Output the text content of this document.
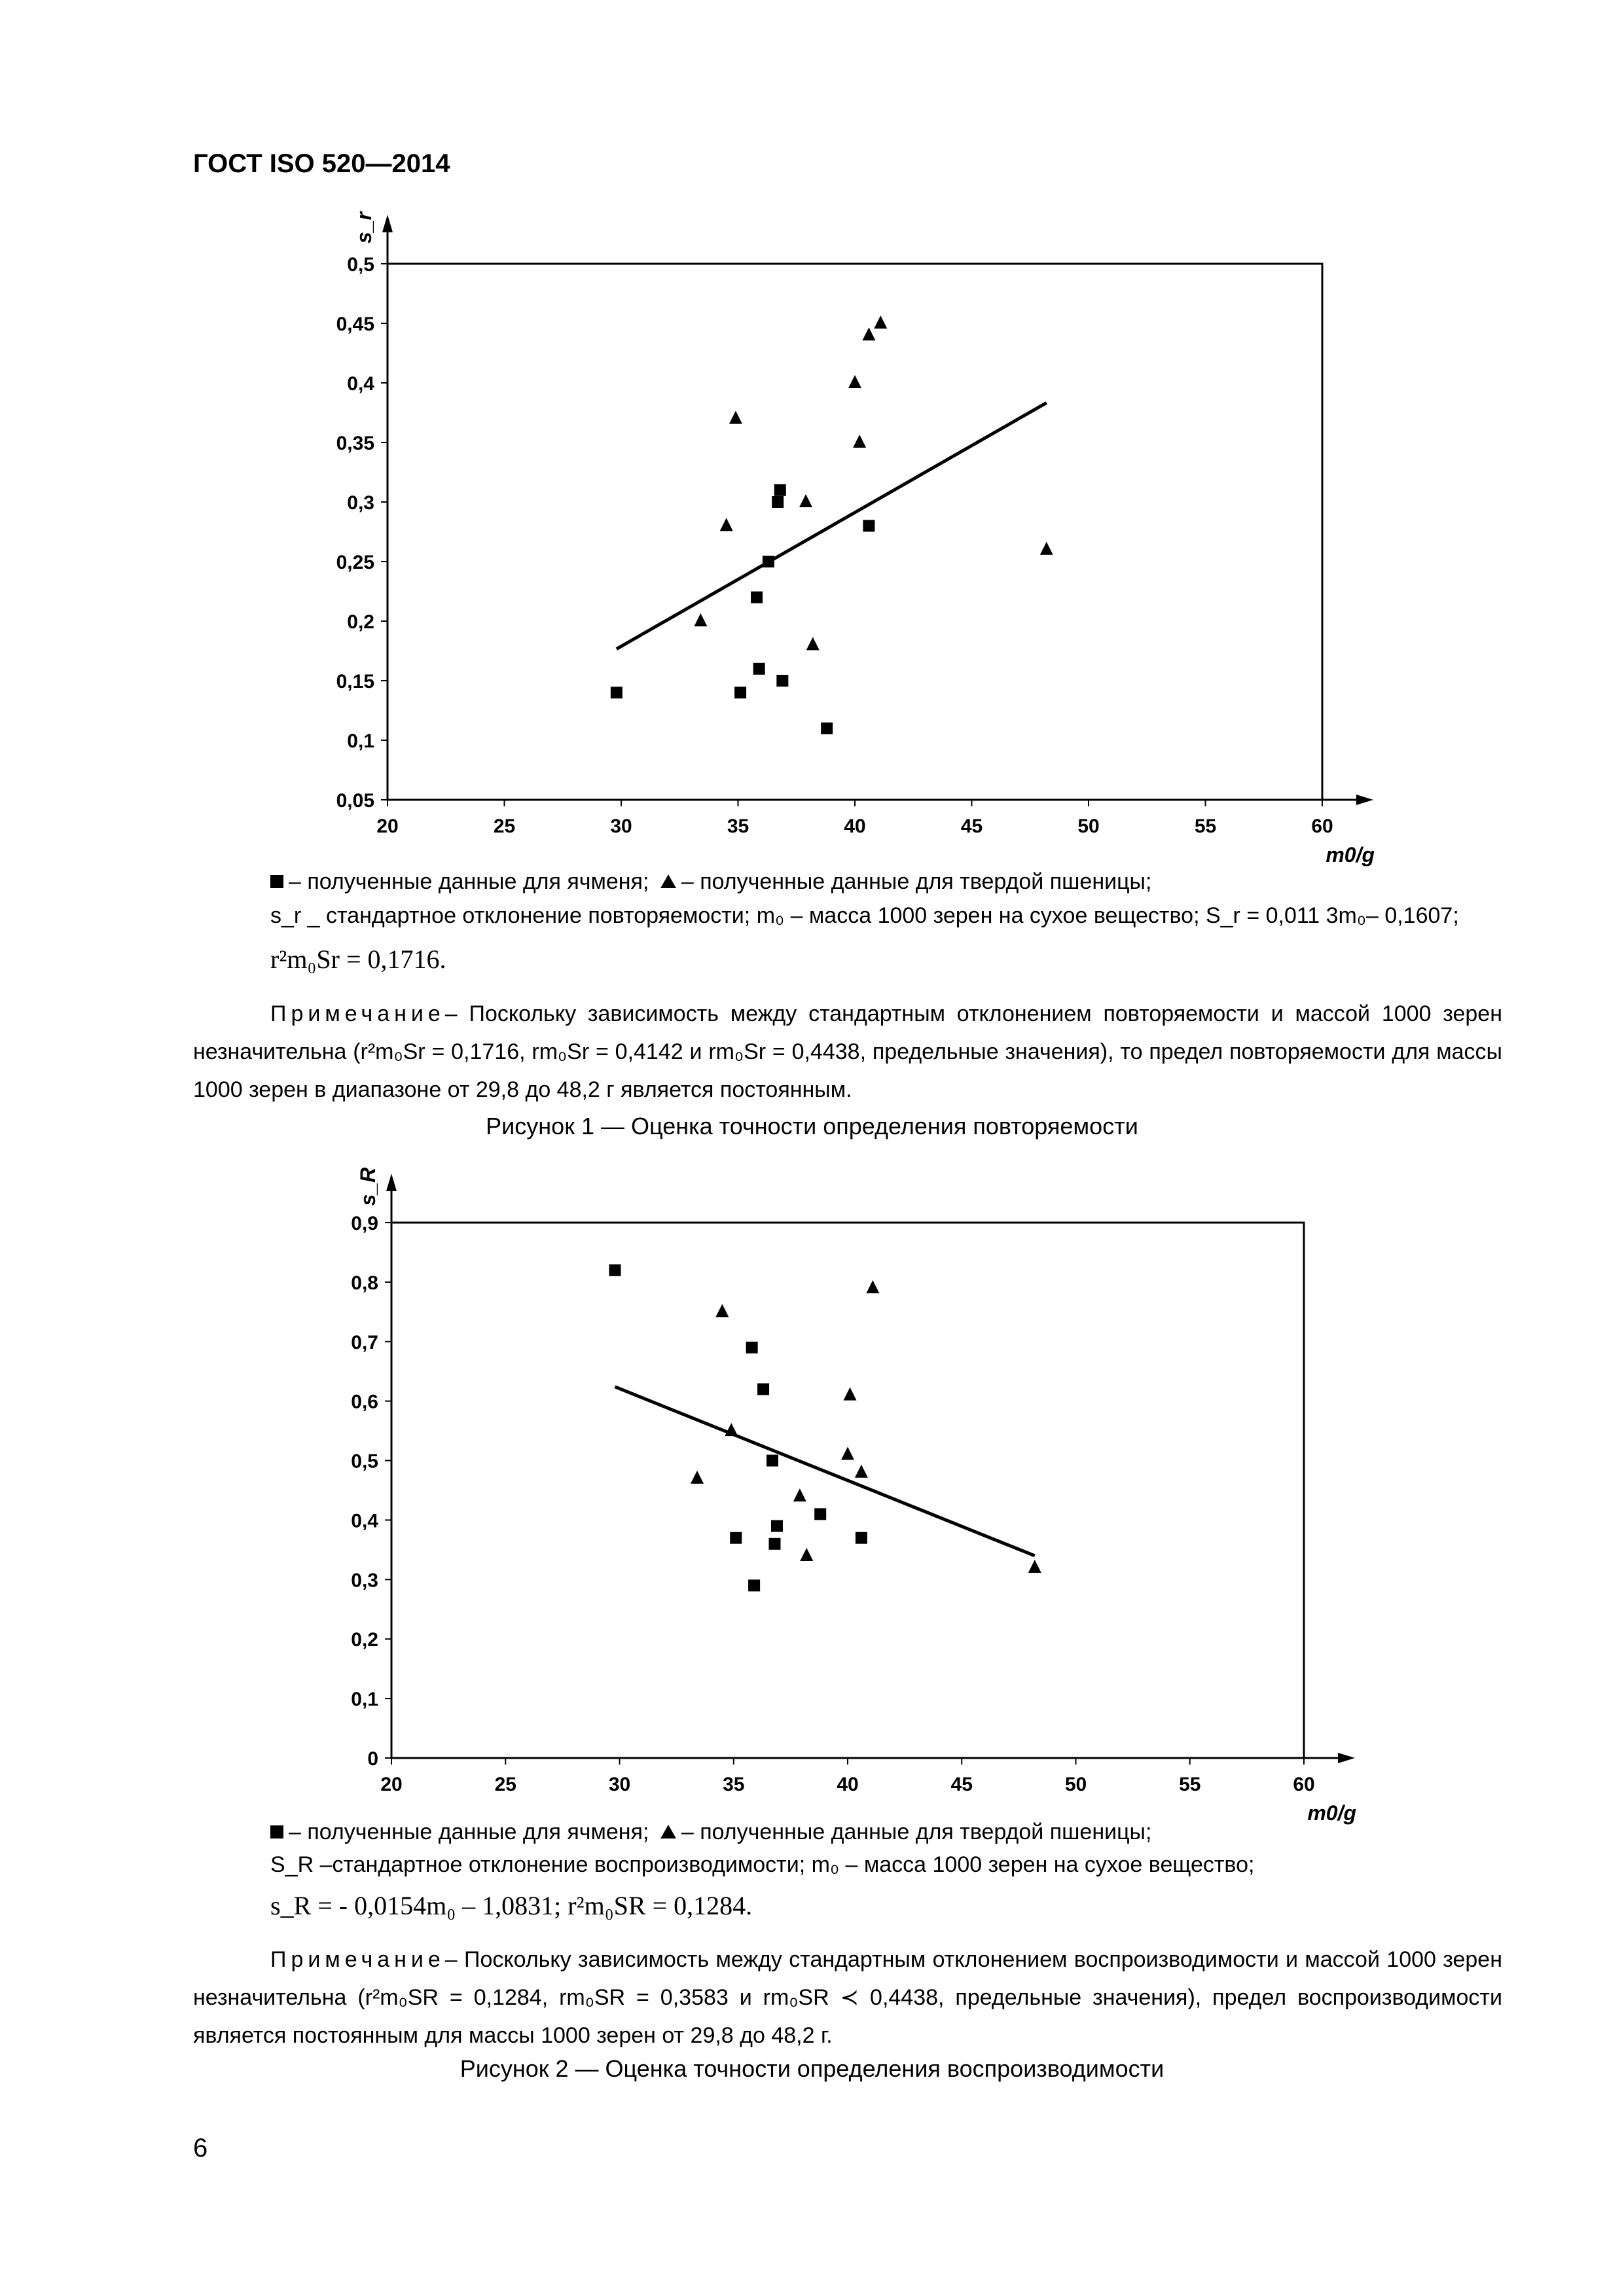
ГОСТ ISO 520—2014
20	25	30	35	40	45	50	55	60
0,05
0,1
0,15
0,2
0,25
0,3
0,35
0,4
0,45
0,5
m0/g
s_r
– полученные данные для ячменя; – полученные данные для твердой пшеницы;
s_r _ стандартное отклонение повторяемости; m₀ – масса 1000 зерен на сухое вещество; S_r = 0,011 3m₀– 0,1607;
r²m₀Sr = 0,1716.
Примечание– Поскольку зависимость между стандартным отклонением повторяемости и массой 1000 зерен незначительна (r²m₀Sr = 0,1716, rm₀Sr = 0,4142 и rm₀Sr = 0,4438, предельные значения), то предел повторяемости для массы 1000 зерен в диапазоне от 29,8 до 48,2 г является постоянным.
Рисунок 1 — Оценка точности определения повторяемости
20	25	30	35	40	45	50	55	60
0
0,1
0,2
0,3
0,4
0,5
0,6
0,7
0,8
0,9
m0/g
s_R
– полученные данные для ячменя; – полученные данные для твердой пшеницы;
S_R –стандартное отклонение воспроизводимости; m₀ – масса 1000 зерен на сухое вещество;
s_R = - 0,0154m₀ – 1,0831; r²m₀SR = 0,1284.
Примечание– Поскольку зависимость между стандартным отклонением воспроизводимости и массой 1000 зерен незначительна (r²m₀SR = 0,1284, rm₀SR = 0,3583 и rm₀SR ≺ 0,4438, предельные значения), предел воспроизводимости является постоянным для массы 1000 зерен от 29,8 до 48,2 г.
Рисунок 2 — Оценка точности определения воспроизводимости
6
